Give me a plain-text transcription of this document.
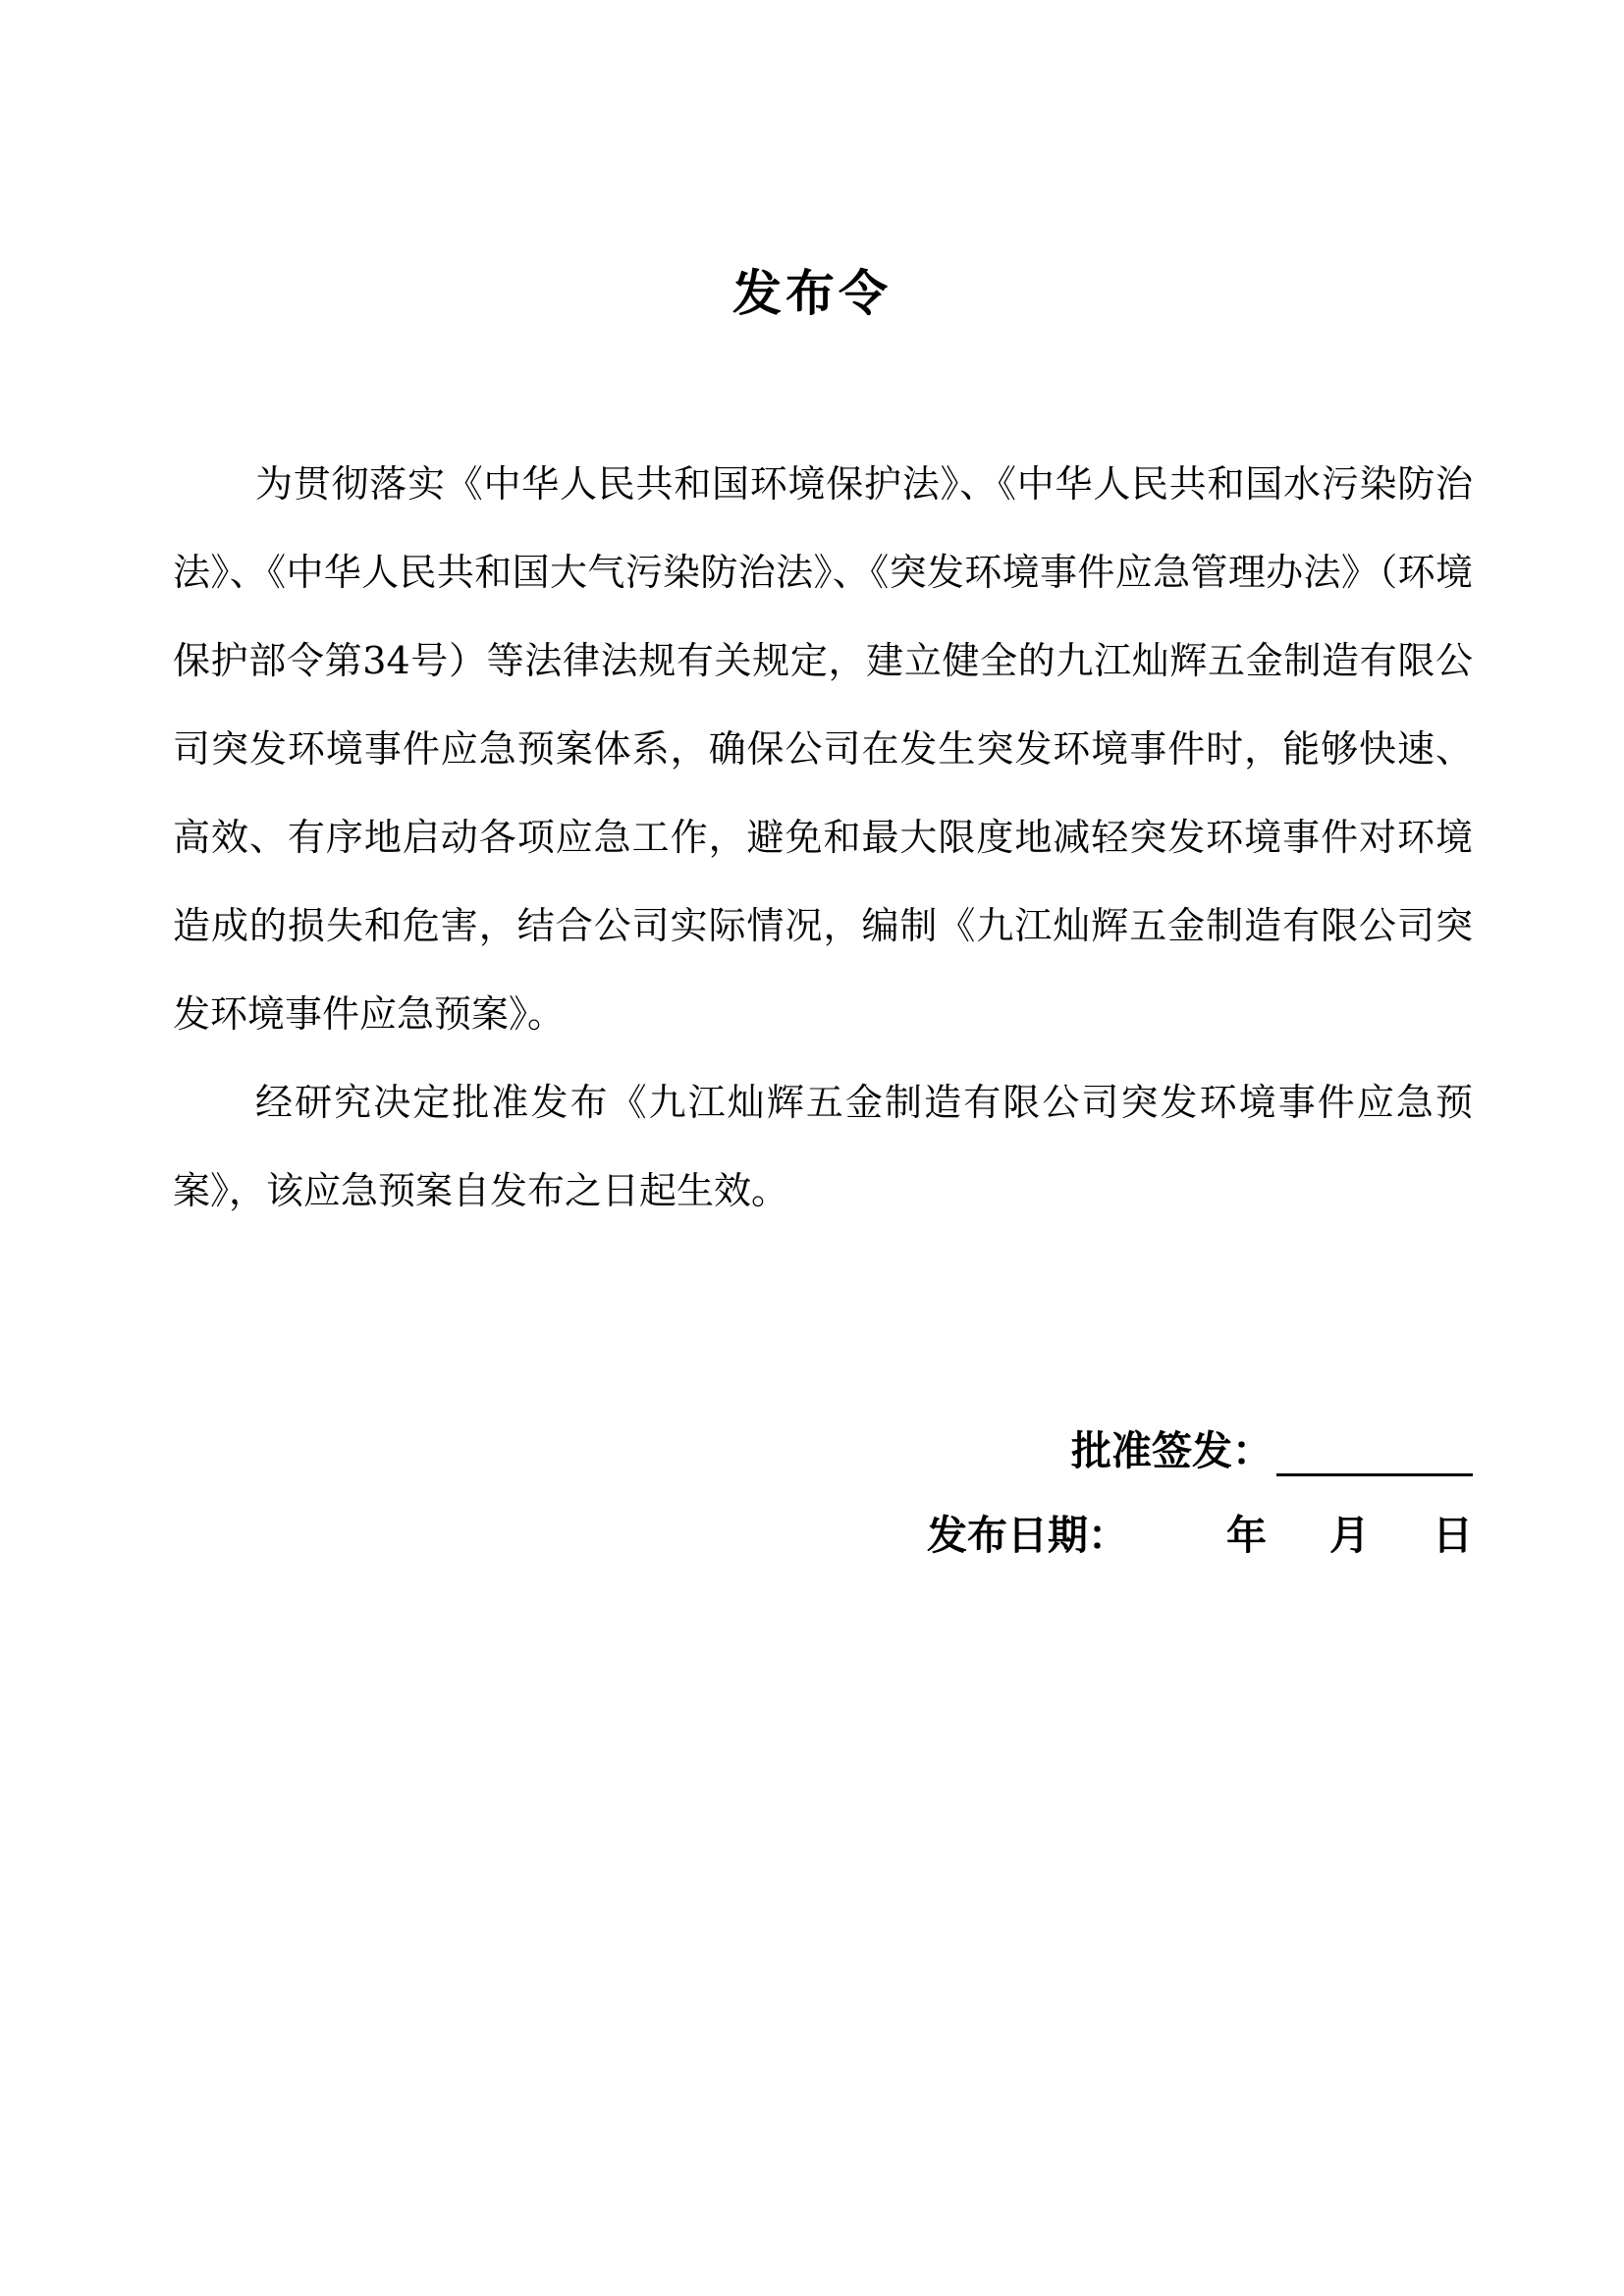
发布令

为贯彻落实《中华人民共和国环境保护法》、《中华人民共和国水污染防治法》、《中华人民共和国大气污染防治法》、《突发环境事件应急管理办法》（环境保护部令第34号）等法律法规有关规定，建立健全的九江灿辉五金制造有限公司突发环境事件应急预案体系，确保公司在发生突发环境事件时，能够快速、高效、有序地启动各项应急工作，避免和最大限度地减轻突发环境事件对环境造成的损失和危害，结合公司实际情况，编制《九江灿辉五金制造有限公司突发环境事件应急预案》。

经研究决定批准发布《九江灿辉五金制造有限公司突发环境事件应急预案》，该应急预案自发布之日起生效。

批准签发：
发布日期： 年 月 日
